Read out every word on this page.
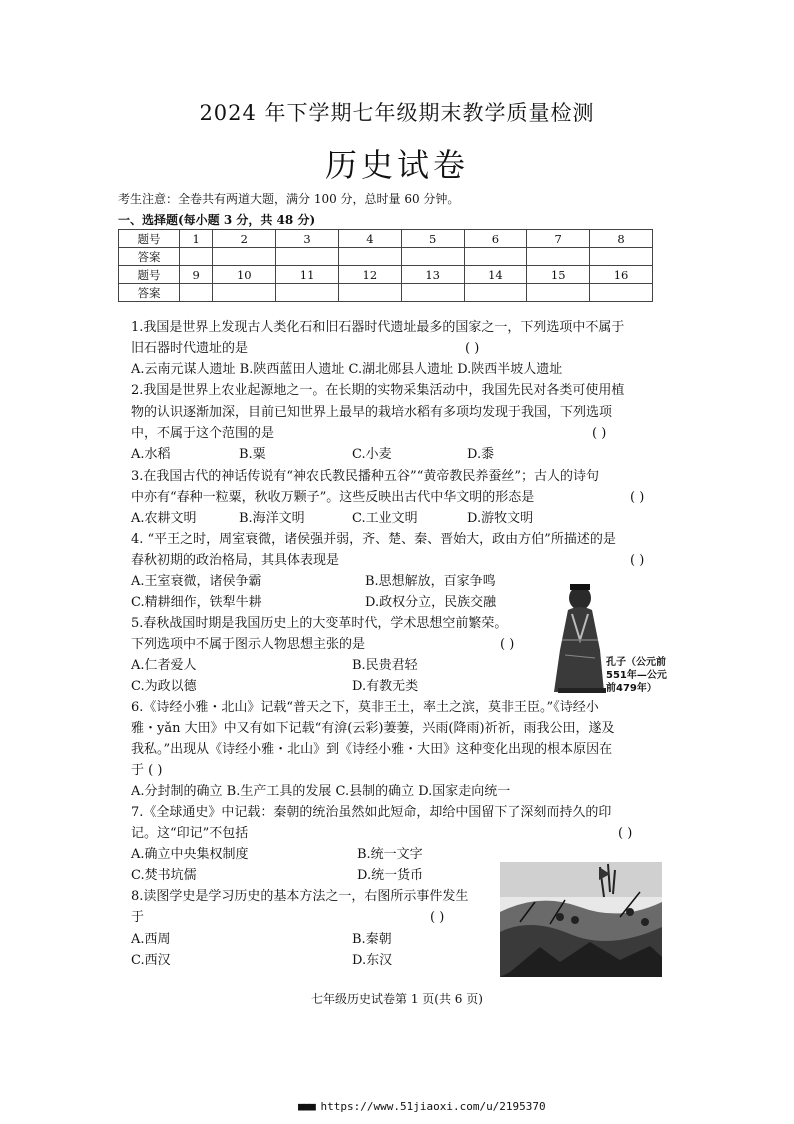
2024 年下学期七年级期末教学质量检测
历史试卷
考生注意：全卷共有两道大题，满分 100 分，总时量 60 分钟。
一、选择题(每小题 3 分，共 48 分)
题号	1	2	3	4	5	6	7	8
答案								
题号	9	10	11	12	13	14	15	16
答案								
1.我国是世界上发现古人类化石和旧石器时代遗址最多的国家之一，下列选项中不属于
旧石器时代遗址的是	( )
A.云南元谋人遗址 B.陕西蓝田人遗址 C.湖北郧县人遗址 D.陕西半坡人遗址
2.我国是世界上农业起源地之一。在长期的实物采集活动中，我国先民对各类可使用植
物的认识逐渐加深，目前已知世界上最早的栽培水稻有多项均发现于我国，下列选项
中，不属于这个范围的是	( )
A.水稻	B.粟	C.小麦	D.黍
3.在我国古代的神话传说有“神农氏教民播种五谷”“黄帝教民养蚕丝”；古人的诗句
中亦有“春种一粒粟，秋收万颗子”。这些反映出古代中华文明的形态是	( )
A.农耕文明	B.海洋文明	C.工业文明	D.游牧文明
4. “平王之时，周室衰微，诸侯强并弱，齐、楚、秦、晋始大，政由方伯”所描述的是
春秋初期的政治格局，其具体表现是	( )
A.王室衰微，诸侯争霸	B.思想解放，百家争鸣
C.精耕细作，铁犁牛耕	D.政权分立，民族交融
5.春秋战国时期是我国历史上的大变革时代，学术思想空前繁荣。
下列选项中不属于图示人物思想主张的是	( )
A.仁者爱人	B.民贵君轻
C.为政以德	D.有教无类
孔子（公元前
551年—公元
前479年）
6.《诗经小雅・北山》记载“普天之下，莫非王土，率土之滨，莫非王臣。”《诗经小
雅・yǎn 大田》中又有如下记载“有渰(云彩)萋萋，兴雨(降雨)祈祈，雨我公田，遂及
我私。”出现从《诗经小雅・北山》到《诗经小雅・大田》这种变化出现的根本原因在
于 ( )
A.分封制的确立 B.生产工具的发展 C.县制的确立 D.国家走向统一
7.《全球通史》中记载：秦朝的统治虽然如此短命，却给中国留下了深刻而持久的印
记。这“印记”不包括	( )
A.确立中央集权制度	B.统一文字
C.焚书坑儒	D.统一货币
8.读图学史是学习历史的基本方法之一，右图所示事件发生
于	( )
A.西周	B.秦朝
C.西汉	D.东汉
七年级历史试卷第 1 页(共 6 页)
■■■ https://www.51jiaoxi.com/u/2195370
